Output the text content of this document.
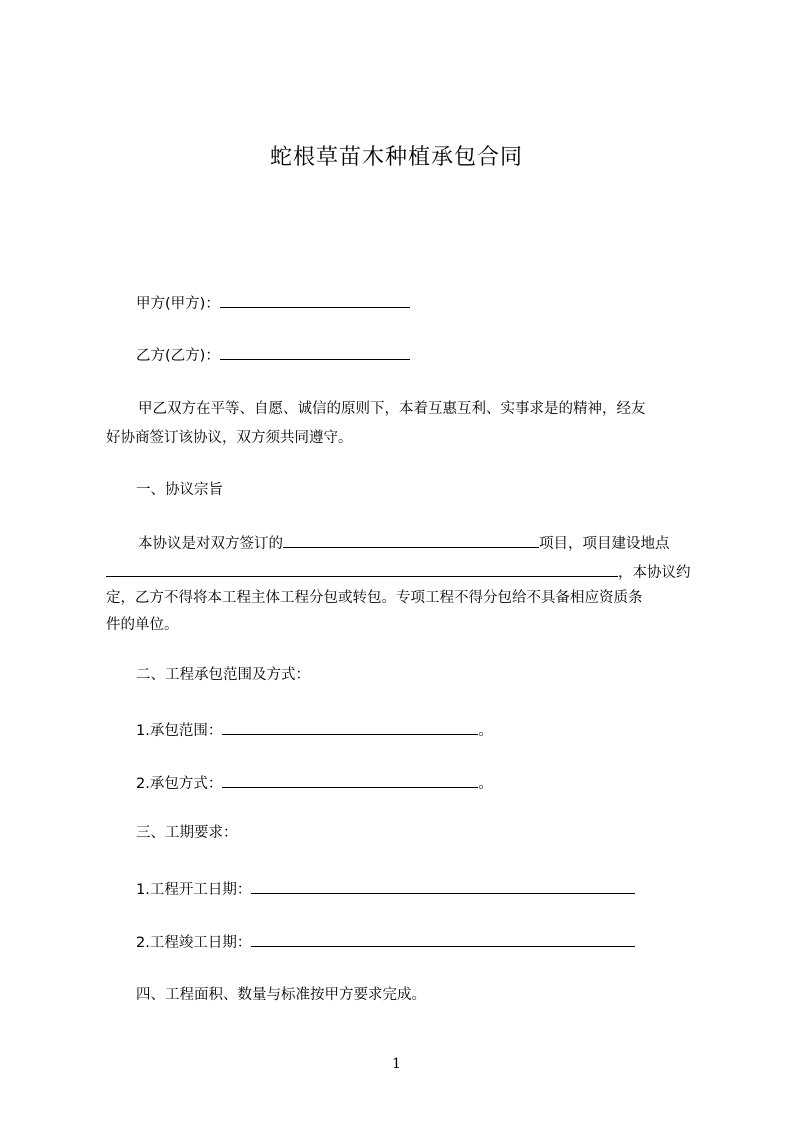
蛇根草苗木种植承包合同
甲方(甲方)：
乙方(乙方)：
甲乙双方在平等、自愿、诚信的原则下，本着互惠互利、实事求是的精神，经友
好协商签订该协议，双方须共同遵守。
一、协议宗旨
本协议是对双方签订的	项目，项目建设地点
，本协议约
定，乙方不得将本工程主体工程分包或转包。专项工程不得分包给不具备相应资质条
件的单位。
二、工程承包范围及方式：
1.承包范围：	。
2.承包方式：	。
三、工期要求：
1.工程开工日期：
2.工程竣工日期：
四、工程面积、数量与标准按甲方要求完成。
1
